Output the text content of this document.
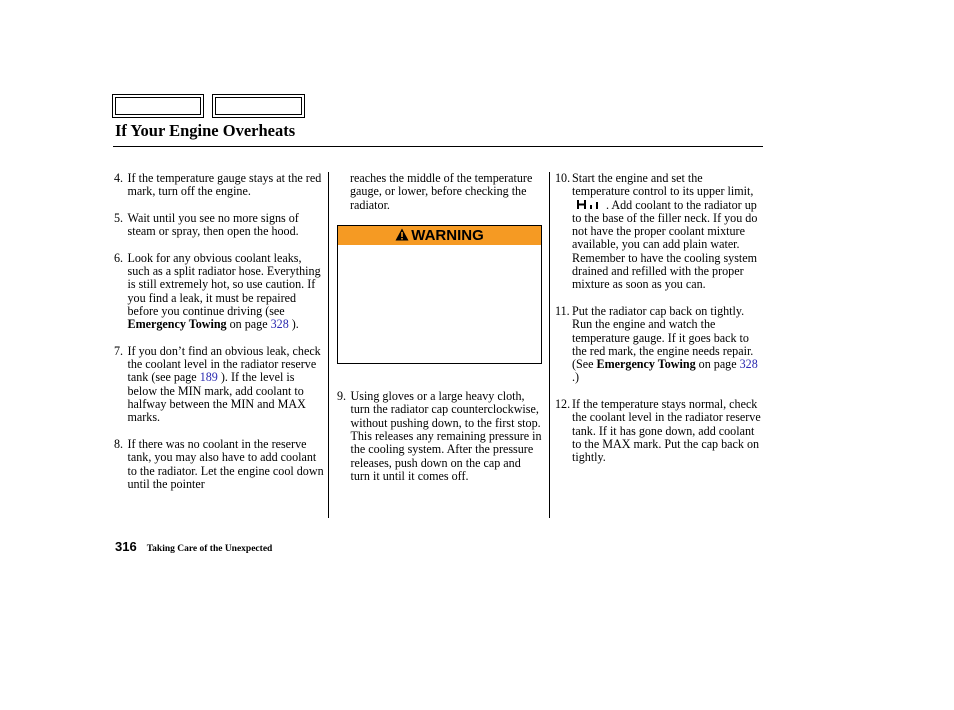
If Your Engine Overheats
4. If the temperature gauge stays at the red mark, turn off the engine.
5. Wait until you see no more signs of steam or spray, then open the hood.
6. Look for any obvious coolant leaks, such as a split radiator hose. Everything is still extremely hot, so use caution. If you find a leak, it must be repaired before you continue driving (see Emergency Towing on page 328 ).
7. If you don’t find an obvious leak, check the coolant level in the radiator reserve tank (see page 189 ). If the level is below the MIN mark, add coolant to halfway between the MIN and MAX marks.
8. If there was no coolant in the reserve tank, you may also have to add coolant to the radiator. Let the engine cool down until the pointer
reaches the middle of the temperature gauge, or lower, before checking the radiator.
WARNING
9. Using gloves or a large heavy cloth, turn the radiator cap counterclockwise, without pushing down, to the first stop. This releases any remaining pressure in the cooling system. After the pressure releases, push down on the cap and turn it until it comes off.
10. Start the engine and set the temperature control to its upper limit,. Add coolant to the radiator up to the base of the filler neck. If you do not have the proper coolant mixture available, you can add plain water. Remember to have the cooling system drained and refilled with the proper mixture as soon as you can.
11. Put the radiator cap back on tightly. Run the engine and watch the temperature gauge. If it goes back to the red mark, the engine needs repair. (See Emergency Towing on page 328 .)
12. If the temperature stays normal, check the coolant level in the radiator reserve tank. If it has gone down, add coolant to the MAX mark. Put the cap back on tightly.
316 Taking Care of the Unexpected
